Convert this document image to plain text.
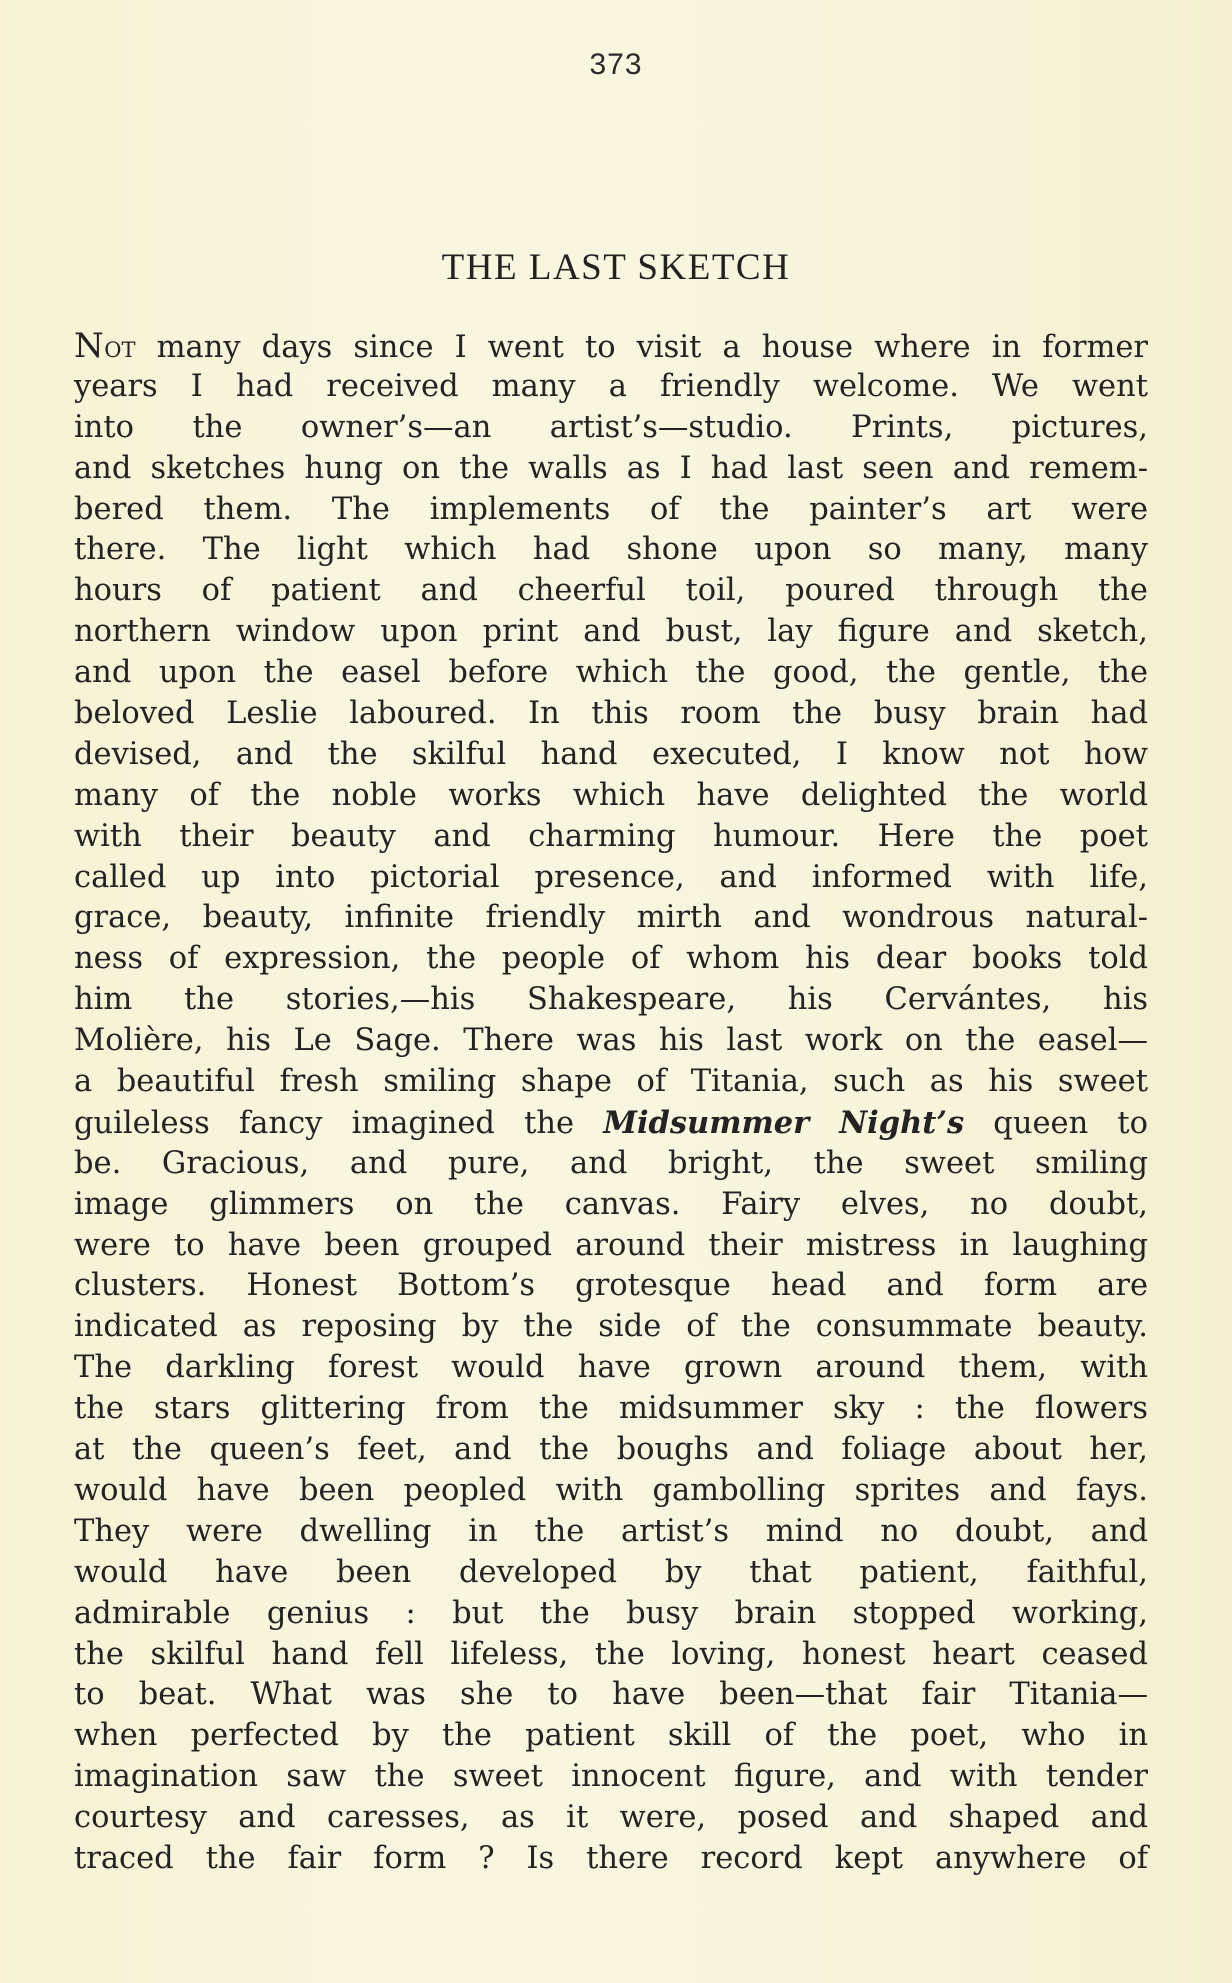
373
THE LAST SKETCH
Not many days since I went to visit a house where in former
years I had received many a friendly welcome. We went
into the owner’s—an artist’s—studio. Prints, pictures,
and sketches hung on the walls as I had last seen and remem-
bered them. The implements of the painter’s art were
there. The light which had shone upon so many, many
hours of patient and cheerful toil, poured through the
northern window upon print and bust, lay figure and sketch,
and upon the easel before which the good, the gentle, the
beloved Leslie laboured. In this room the busy brain had
devised, and the skilful hand executed, I know not how
many of the noble works which have delighted the world
with their beauty and charming humour. Here the poet
called up into pictorial presence, and informed with life,
grace, beauty, infinite friendly mirth and wondrous natural-
ness of expression, the people of whom his dear books told
him the stories,—his Shakespeare, his Cervántes, his
Molière, his Le Sage. There was his last work on the easel—
a beautiful fresh smiling shape of Titania, such as his sweet
guileless fancy imagined the Midsummer Night’s queen to
be. Gracious, and pure, and bright, the sweet smiling
image glimmers on the canvas. Fairy elves, no doubt,
were to have been grouped around their mistress in laughing
clusters. Honest Bottom’s grotesque head and form are
indicated as reposing by the side of the consummate beauty.
The darkling forest would have grown around them, with
the stars glittering from the midsummer sky : the flowers
at the queen’s feet, and the boughs and foliage about her,
would have been peopled with gambolling sprites and fays.
They were dwelling in the artist’s mind no doubt, and
would have been developed by that patient, faithful,
admirable genius : but the busy brain stopped working,
the skilful hand fell lifeless, the loving, honest heart ceased
to beat. What was she to have been—that fair Titania—
when perfected by the patient skill of the poet, who in
imagination saw the sweet innocent figure, and with tender
courtesy and caresses, as it were, posed and shaped and
traced the fair form ? Is there record kept anywhere of
